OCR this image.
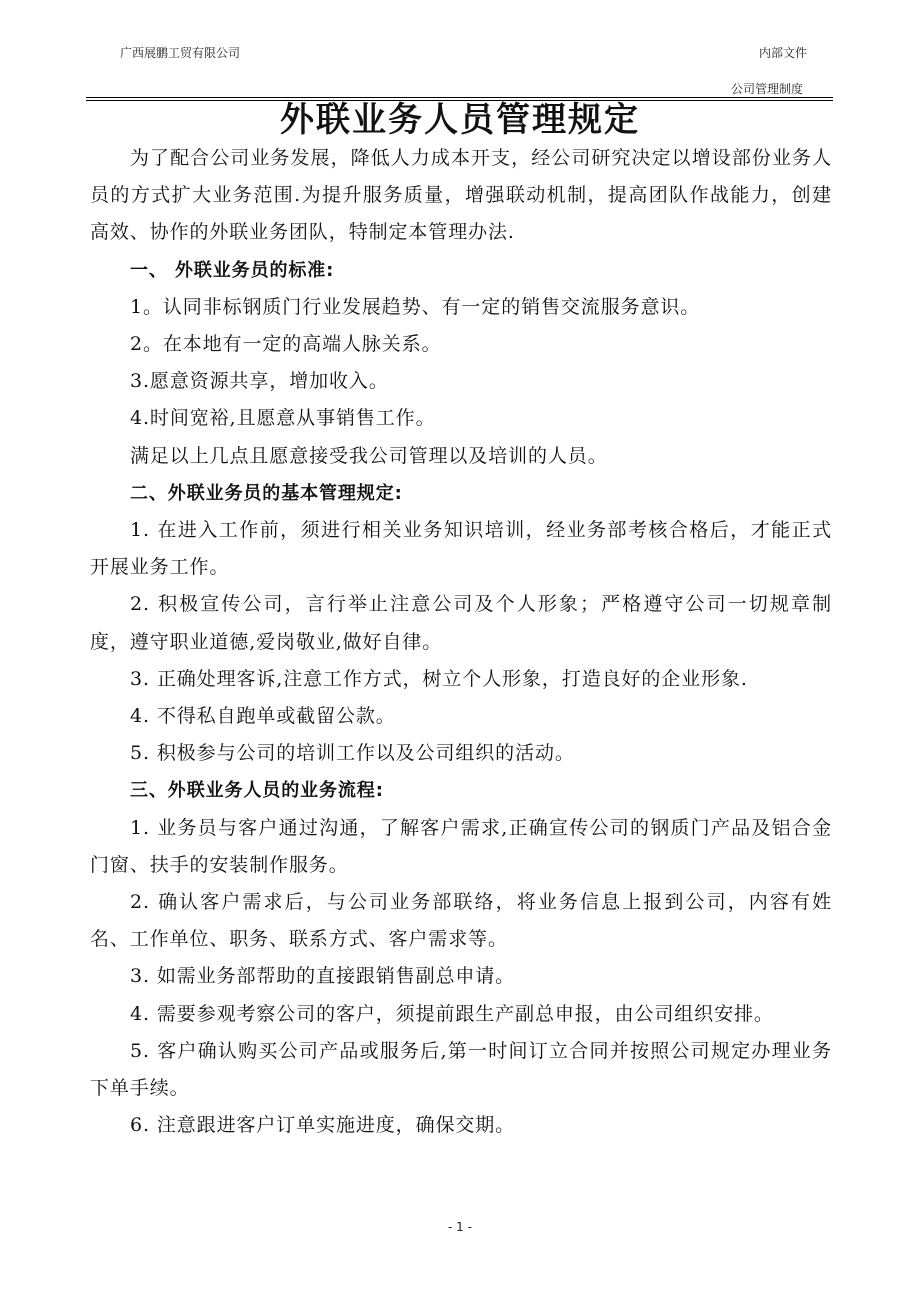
广西展鹏工贸有限公司	内部文件
公司管理制度
外联业务人员管理规定

为了配合公司业务发展，降低人力成本开支，经公司研究决定以增设部份业务人员的方式扩大业务范围.为提升服务质量，增强联动机制，提高团队作战能力，创建高效、协作的外联业务团队，特制定本管理办法.

一、 外联业务员的标准:

1。认同非标钢质门行业发展趋势、有一定的销售交流服务意识。

2。在本地有一定的高端人脉关系。

3.愿意资源共享，增加收入。

4.时间宽裕,且愿意从事销售工作。

满足以上几点且愿意接受我公司管理以及培训的人员。

二、外联业务员的基本管理规定:

1. 在进入工作前，须进行相关业务知识培训，经业务部考核合格后，才能正式开展业务工作。

2. 积极宣传公司，言行举止注意公司及个人形象；严格遵守公司一切规章制度，遵守职业道德,爱岗敬业,做好自律。

3. 正确处理客诉,注意工作方式，树立个人形象，打造良好的企业形象.

4. 不得私自跑单或截留公款。

5. 积极参与公司的培训工作以及公司组织的活动。

三、外联业务人员的业务流程:

1. 业务员与客户通过沟通，了解客户需求,正确宣传公司的钢质门产品及铝合金门窗、扶手的安装制作服务。

2. 确认客户需求后，与公司业务部联络，将业务信息上报到公司，内容有姓名、工作单位、职务、联系方式、客户需求等。

3. 如需业务部帮助的直接跟销售副总申请。

4. 需要参观考察公司的客户，须提前跟生产副总申报，由公司组织安排。

5. 客户确认购买公司产品或服务后,第一时间订立合同并按照公司规定办理业务下单手续。

6. 注意跟进客户订单实施进度，确保交期。

- 1 -
